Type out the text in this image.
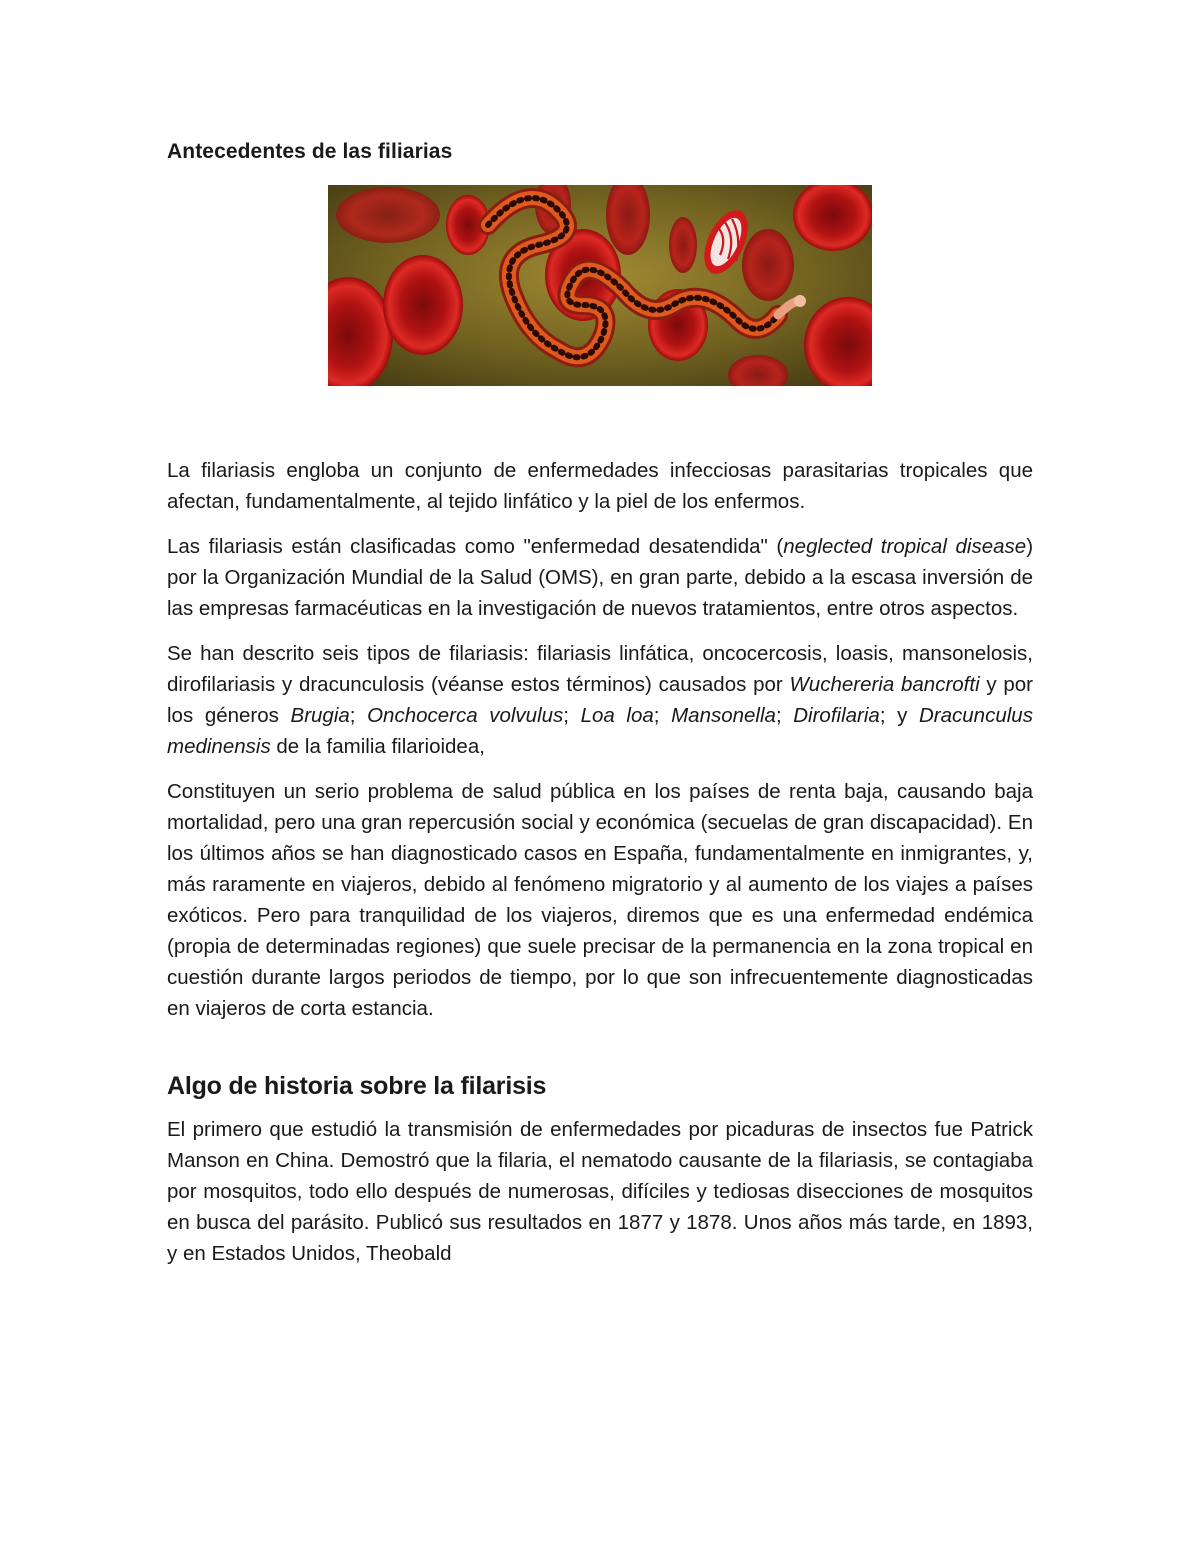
Antecedentes de las filiarias

La filariasis engloba un conjunto de enfermedades infecciosas parasitarias tropicales que afectan, fundamentalmente, al tejido linfático y la piel de los enfermos.

Las filariasis están clasificadas como "enfermedad desatendida" (neglected tropical disease) por la Organización Mundial de la Salud (OMS), en gran parte, debido a la escasa inversión de las empresas farmacéuticas en la investigación de nuevos tratamientos, entre otros aspectos.

Se han descrito seis tipos de filariasis: filariasis linfática, oncocercosis, loasis, mansonelosis, dirofilariasis y dracunculosis (véanse estos términos) causados por Wuchereria bancrofti y por los géneros Brugia; Onchocerca volvulus; Loa loa; Mansonella; Dirofilaria; y Dracunculus medinensis de la familia filarioidea,

Constituyen un serio problema de salud pública en los países de renta baja, causando baja mortalidad, pero una gran repercusión social y económica (secuelas de gran discapacidad). En los últimos años se han diagnosticado casos en España, fundamentalmente en inmigrantes, y, más raramente en viajeros, debido al fenómeno migratorio y al aumento de los viajes a países exóticos. Pero para tranquilidad de los viajeros, diremos que es una enfermedad endémica (propia de determinadas regiones) que suele precisar de la permanencia en la zona tropical en cuestión durante largos periodos de tiempo, por lo que son infrecuentemente diagnosticadas en viajeros de corta estancia.

Algo de historia sobre la filarisis

El primero que estudió la transmisión de enfermedades por picaduras de insectos fue Patrick Manson en China. Demostró que la filaria, el nematodo causante de la filariasis, se contagiaba por mosquitos, todo ello después de numerosas, difíciles y tediosas disecciones de mosquitos en busca del parásito. Publicó sus resultados en 1877 y 1878. Unos años más tarde, en 1893, y en Estados Unidos, Theobald
